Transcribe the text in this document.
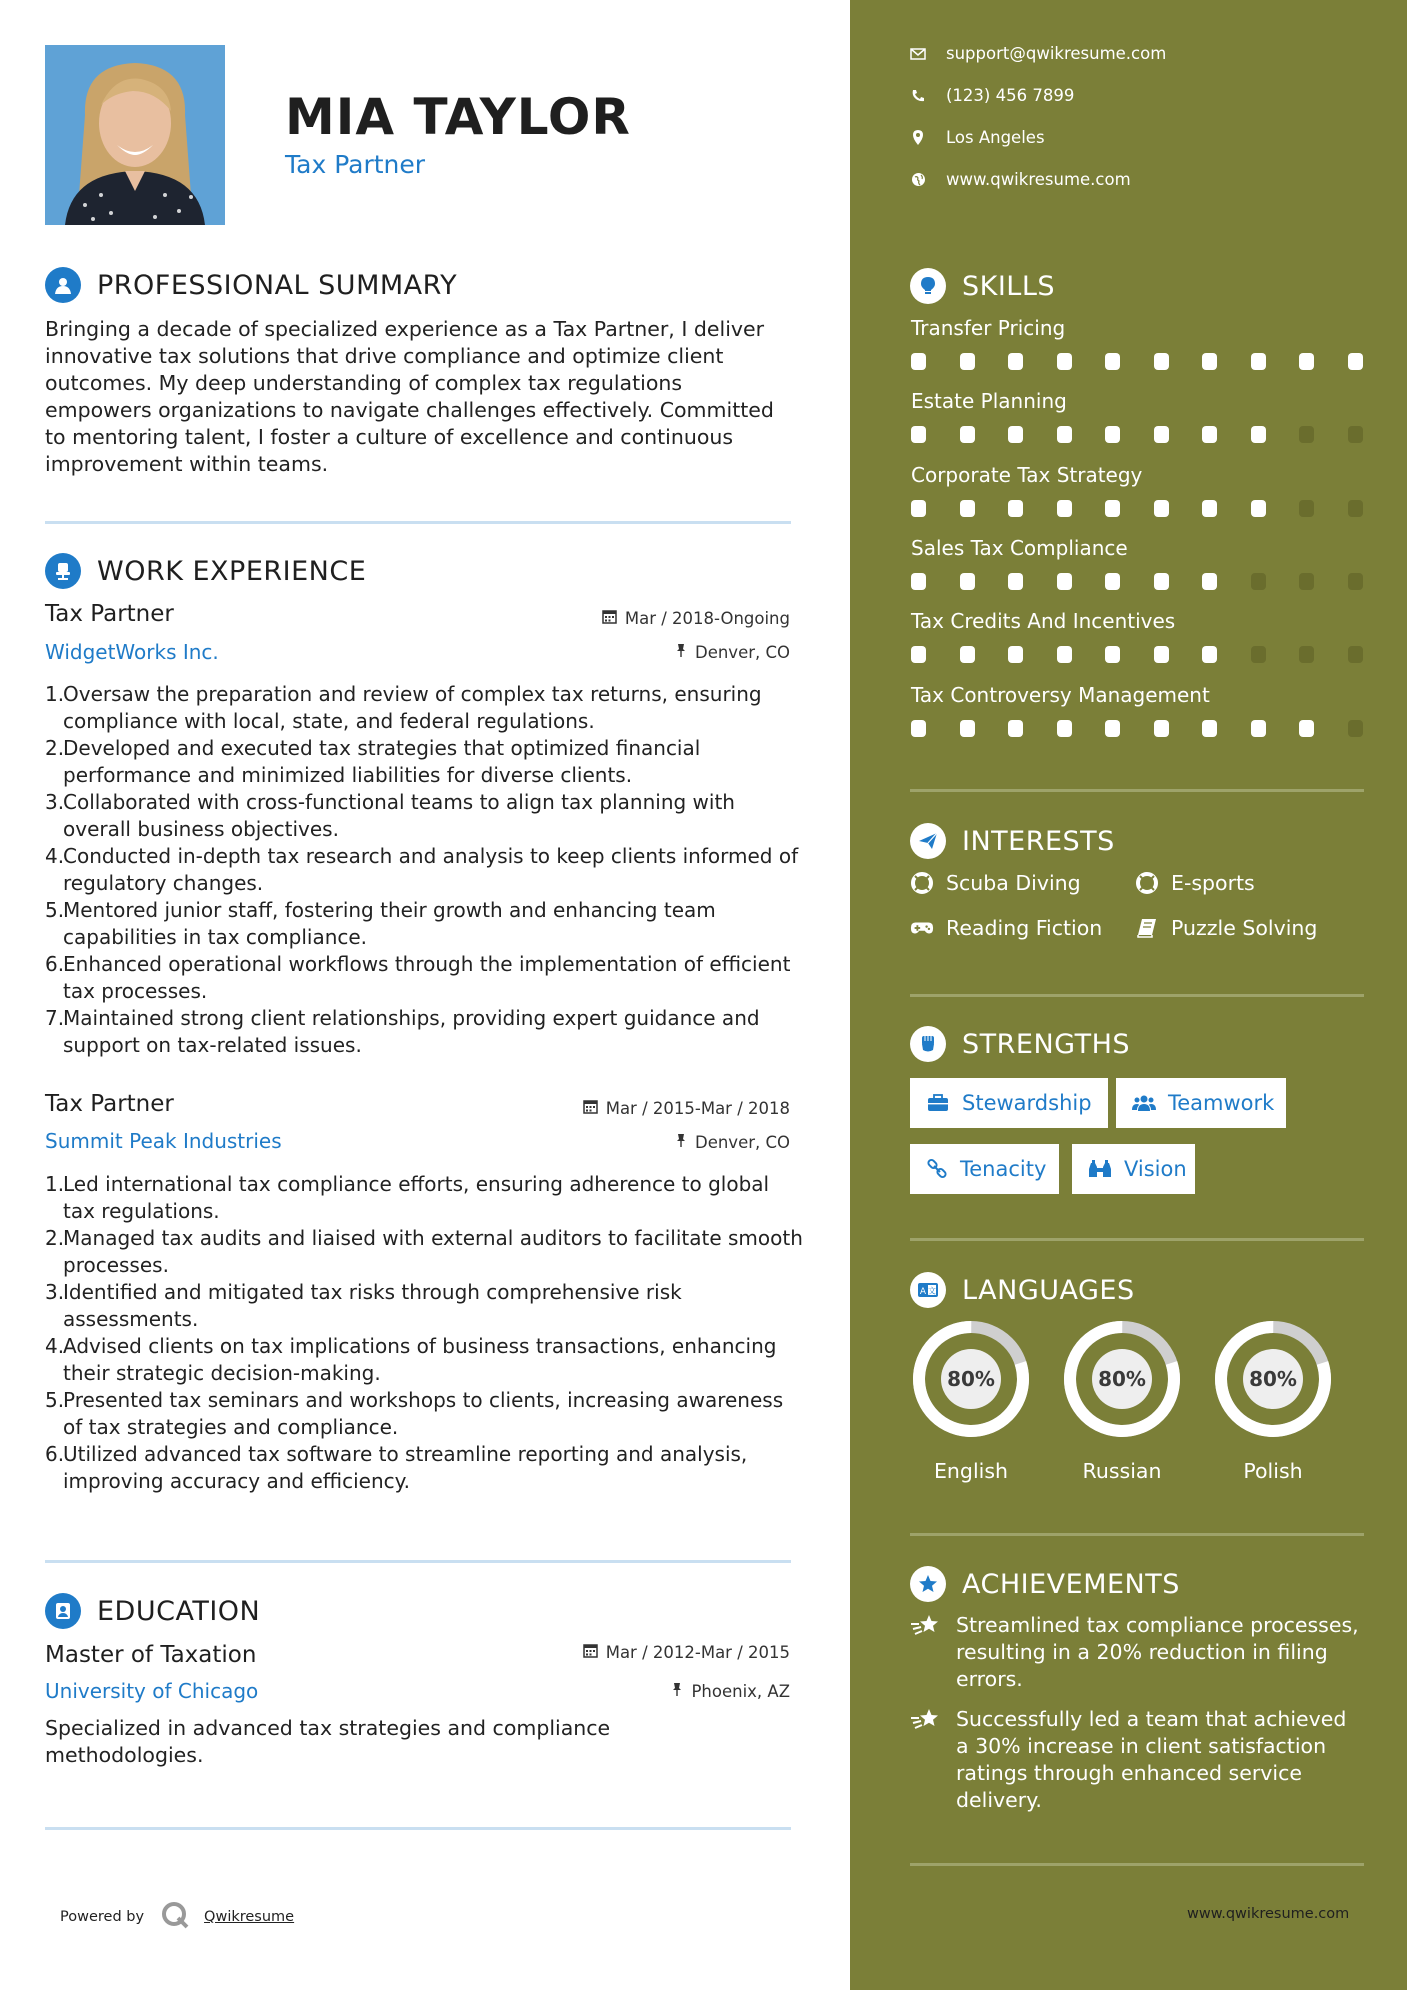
MIA TAYLOR
Tax Partner
PROFESSIONAL SUMMARY
Bringing a decade of specialized experience as a Tax Partner, I deliver innovative tax solutions that drive compliance and optimize client outcomes. My deep understanding of complex tax regulations empowers organizations to navigate challenges effectively. Committed to mentoring talent, I foster a culture of excellence and continuous improvement within teams.
WORK EXPERIENCE
Tax Partner	Mar / 2018-Ongoing
WidgetWorks Inc.	Denver, CO
1.
Oversaw the preparation and review of complex tax returns, ensuring compliance with local, state, and federal regulations.
2.
Developed and executed tax strategies that optimized financial performance and minimized liabilities for diverse clients.
3.
Collaborated with cross-functional teams to align tax planning with overall business objectives.
4.
Conducted in-depth tax research and analysis to keep clients informed of regulatory changes.
5.
Mentored junior staff, fostering their growth and enhancing team capabilities in tax compliance.
6.
Enhanced operational workflows through the implementation of efficient tax processes.
7.
Maintained strong client relationships, providing expert guidance and support on tax-related issues.
Tax Partner	Mar / 2015-Mar / 2018
Summit Peak Industries	Denver, CO
1.
Led international tax compliance efforts, ensuring adherence to global tax regulations.
2.
Managed tax audits and liaised with external auditors to facilitate smooth processes.
3.
Identified and mitigated tax risks through comprehensive risk assessments.
4.
Advised clients on tax implications of business transactions, enhancing their strategic decision-making.
5.
Presented tax seminars and workshops to clients, increasing awareness of tax strategies and compliance.
6.
Utilized advanced tax software to streamline reporting and analysis, improving accuracy and efficiency.
EDUCATION
Master of Taxation	Mar / 2012-Mar / 2015
University of Chicago	Phoenix, AZ
Specialized in advanced tax strategies and compliance methodologies.
Powered by	Qwikresume
support@qwikresume.com
(123) 456 7899
Los Angeles
www.qwikresume.com
SKILLS
Transfer Pricing
Estate Planning
Corporate Tax Strategy
Sales Tax Compliance
Tax Credits And Incentives
Tax Controversy Management
INTERESTS
Scuba Diving	E-sports
Reading Fiction	Puzzle Solving
STRENGTHS
Stewardship	Teamwork
Tenacity	Vision
A 文 LANGUAGES
80%
English
80%
Russian
80%
Polish
ACHIEVEMENTS
Streamlined tax compliance processes, resulting in a 20% reduction in filing errors.
Successfully led a team that achieved a 30% increase in client satisfaction ratings through enhanced service delivery.
www.qwikresume.com
